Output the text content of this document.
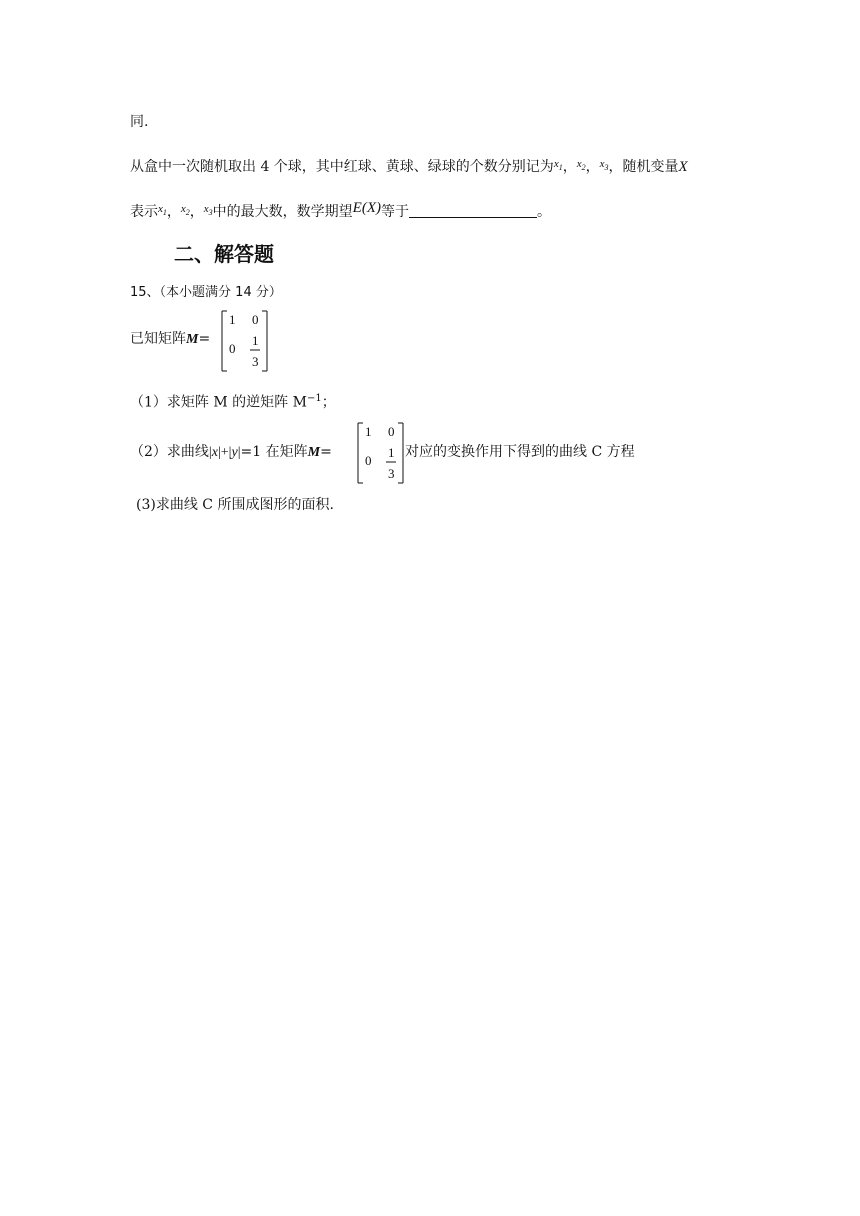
同.
从盒中一次随机取出 4 个球，其中红球、黄球、绿球的个数分别记为$^{x_1}$，$^{x_2}$，$^{x_3}$，随机变量X
表示$^{x_1}$，$^{x_2}$，$^{x_3}$中的最大数，数学期望E(X)等于	。
二、解答题
15、（本小题满分 14 分）
已知矩阵M=
1 0
0
1
3
（1）求矩阵 M 的逆矩阵 $M^{-1}$；
（2）求曲线|x|+|y|=1 在矩阵M=
1 0
0
1
3
对应的变换作用下得到的曲线 C 方程
(3)求曲线 C 所围成图形的面积.
